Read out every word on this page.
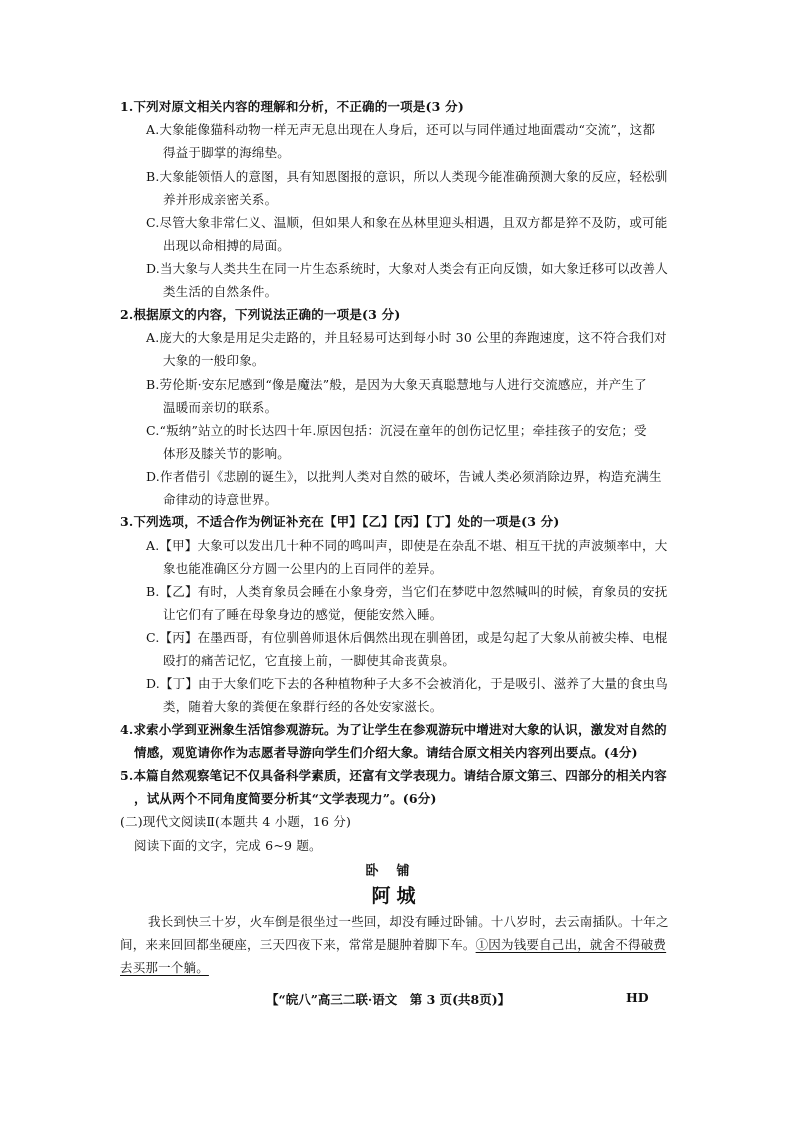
1.下列对原文相关内容的理解和分析，不正确的一项是(3 分)
A.大象能像猫科动物一样无声无息出现在人身后，还可以与同伴通过地面震动“交流”，这都
得益于脚掌的海绵垫。
B.大象能领悟人的意图，具有知恩图报的意识，所以人类现今能准确预测大象的反应，轻松驯
养并形成亲密关系。
C.尽管大象非常仁义、温顺，但如果人和象在丛林里迎头相遇，且双方都是猝不及防，或可能
出现以命相搏的局面。
D.当大象与人类共生在同一片生态系统时，大象对人类会有正向反馈，如大象迁移可以改善人
类生活的自然条件。
2.根据原文的内容，下列说法正确的一项是(3 分)
A.庞大的大象是用足尖走路的，并且轻易可达到每小时 30 公里的奔跑速度，这不符合我们对
大象的一般印象。
B.劳伦斯·安东尼感到“像是魔法”般，是因为大象天真聪慧地与人进行交流感应，并产生了
温暖而亲切的联系。
C.“叛纳”站立的时长达四十年.原因包括：沉浸在童年的创伤记忆里；牵挂孩子的安危；受
体形及膝关节的影响。
D.作者借引《悲剧的诞生》，以批判人类对自然的破坏，告诫人类必须消除边界，构造充满生
命律动的诗意世界。
3.下列选项，不适合作为例证补充在【甲】【乙】【丙】【丁】处的一项是(3 分)
A.【甲】大象可以发出几十种不同的鸣叫声，即使是在杂乱不堪、相互干扰的声波频率中，大
象也能准确区分方圆一公里内的上百同伴的差异。
B.【乙】有时，人类育象员会睡在小象身旁，当它们在梦呓中忽然喊叫的时候，育象员的安抚
让它们有了睡在母象身边的感觉，便能安然入睡。
C.【丙】在墨西哥，有位驯兽师退休后偶然出现在驯兽团，或是勾起了大象从前被尖棒、电棍
殴打的痛苦记忆，它直接上前，一脚使其命丧黄泉。
D.【丁】由于大象们吃下去的各种植物种子大多不会被消化，于是吸引、滋养了大量的食虫鸟
类，随着大象的粪便在象群行经的各处安家滋长。
4.求索小学到亚洲象生活馆参观游玩。为了让学生在参观游玩中增进对大象的认识，激发对自然的
情感，观览请你作为志愿者导游向学生们介绍大象。请结合原文相关内容列出要点。(4分)
5.本篇自然观察笔记不仅具备科学素质，还富有文学表现力。请结合原文第三、四部分的相关内容
，试从两个不同角度简要分析其“文学表现力”。(6分)
(二)现代文阅读Ⅱ(本题共 4 小题，16 分)
阅读下面的文字，完成 6~9 题。
卧铺
阿城
我长到快三十岁，火车倒是很坐过一些回，却没有睡过卧铺。十八岁时，去云南插队。十年之
间，来来回回都坐硬座，三天四夜下来，常常是腿肿着脚下车。①因为钱要自己出，就舍不得破费
去买那一个躺。
【“皖八”高三二联·语文　第 3 页(共8页)】	HD
